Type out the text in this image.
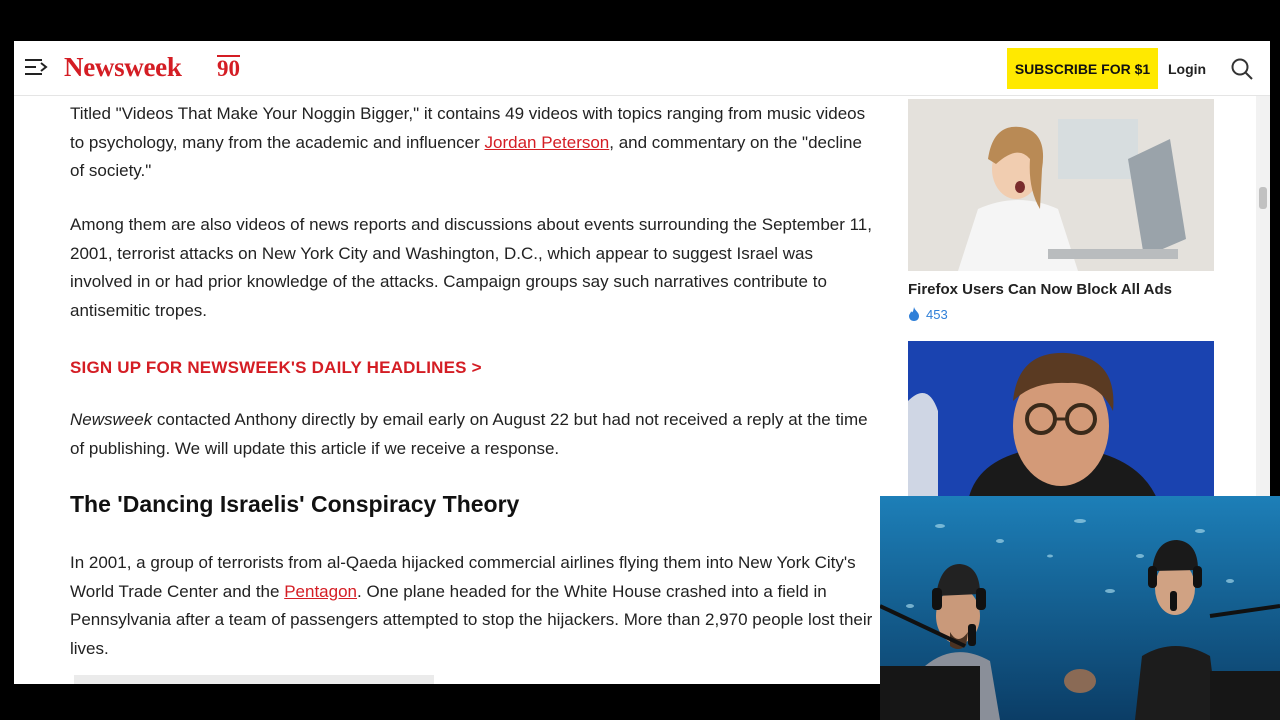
Newsweek 90	SUBSCRIBE FOR $1	Login

Titled "Videos That Make Your Noggin Bigger," it contains 49 videos with topics ranging from music videos to psychology, many from the academic and influencer Jordan Peterson, and commentary on the "decline of society."

Among them are also videos of news reports and discussions about events surrounding the September 11, 2001, terrorist attacks on New York City and Washington, D.C., which appear to suggest Israel was involved in or had prior knowledge of the attacks. Campaign groups say such narratives contribute to antisemitic tropes.

SIGN UP FOR NEWSWEEK'S DAILY HEADLINES >

Newsweek contacted Anthony directly by email early on August 22 but had not received a reply at the time of publishing. We will update this article if we receive a response.

The 'Dancing Israelis' Conspiracy Theory

In 2001, a group of terrorists from al-Qaeda hijacked commercial airlines flying them into New York City's World Trade Center and the Pentagon. One plane headed for the White House crashed into a field in Pennsylvania after a team of passengers attempted to stop the hijackers. More than 2,970 people lost their lives.

Firefox Users Can Now Block All Ads
453
